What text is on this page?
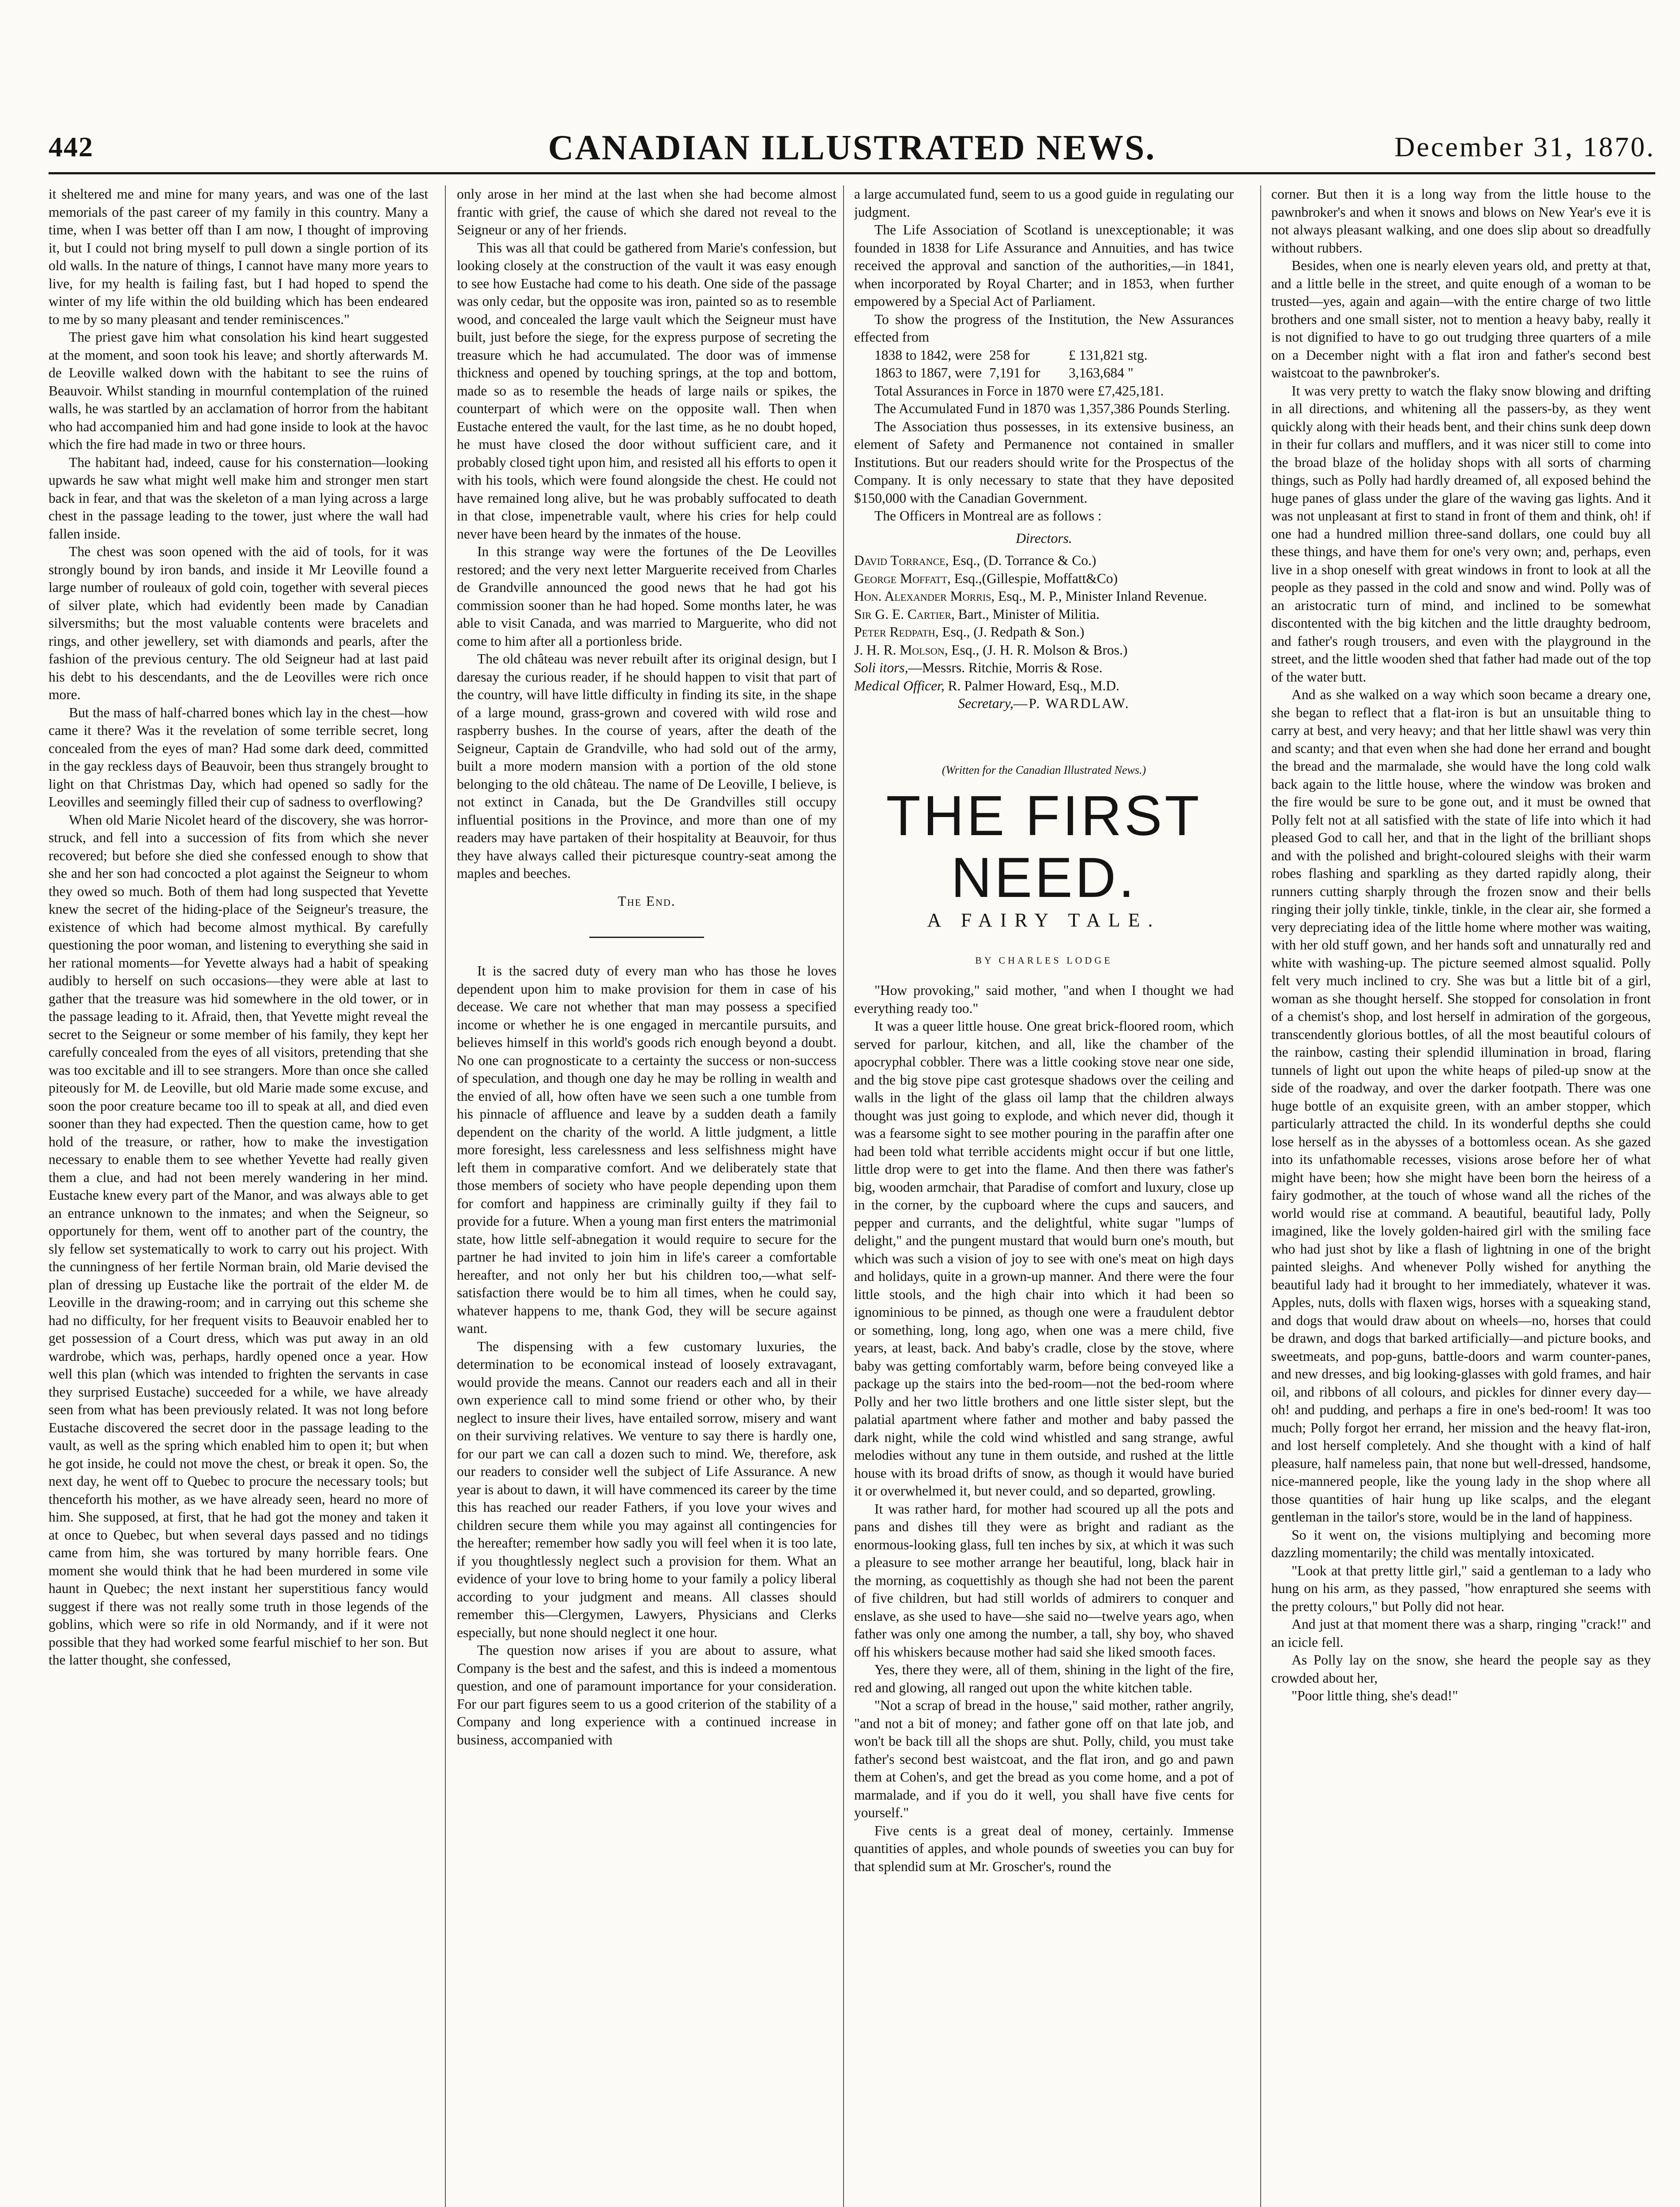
442	CANADIAN ILLUSTRATED NEWS.	December 31, 1870.

it sheltered me and mine for many years, and was one of the last memorials of the past career of my family in this country. Many a time, when I was better off than I am now, I thought of improving it, but I could not bring myself to pull down a single portion of its old walls. In the nature of things, I cannot have many more years to live, for my health is failing fast, but I had hoped to spend the winter of my life within the old building which has been endeared to me by so many pleasant and tender reminiscences."

The priest gave him what consolation his kind heart suggested at the moment, and soon took his leave; and shortly afterwards M. de Leoville walked down with the habitant to see the ruins of Beauvoir. Whilst standing in mournful contemplation of the ruined walls, he was startled by an acclamation of horror from the habitant who had accompanied him and had gone inside to look at the havoc which the fire had made in two or three hours.

The habitant had, indeed, cause for his consternation—looking upwards he saw what might well make him and stronger men start back in fear, and that was the skeleton of a man lying across a large chest in the passage leading to the tower, just where the wall had fallen inside.

The chest was soon opened with the aid of tools, for it was strongly bound by iron bands, and inside it Mr Leoville found a large number of rouleaux of gold coin, together with several pieces of silver plate, which had evidently been made by Canadian silversmiths; but the most valuable contents were bracelets and rings, and other jewellery, set with diamonds and pearls, after the fashion of the previous century. The old Seigneur had at last paid his debt to his descendants, and the de Leovilles were rich once more.

But the mass of half-charred bones which lay in the chest—how came it there? Was it the revelation of some terrible secret, long concealed from the eyes of man? Had some dark deed, committed in the gay reckless days of Beauvoir, been thus strangely brought to light on that Christmas Day, which had opened so sadly for the Leovilles and seemingly filled their cup of sadness to overflowing?

When old Marie Nicolet heard of the discovery, she was horror-struck, and fell into a succession of fits from which she never recovered; but before she died she confessed enough to show that she and her son had concocted a plot against the Seigneur to whom they owed so much. Both of them had long suspected that Yevette knew the secret of the hiding-place of the Seigneur's treasure, the existence of which had become almost mythical. By carefully questioning the poor woman, and listening to everything she said in her rational moments—for Yevette always had a habit of speaking audibly to herself on such occasions—they were able at last to gather that the treasure was hid somewhere in the old tower, or in the passage leading to it. Afraid, then, that Yevette might reveal the secret to the Seigneur or some member of his family, they kept her carefully concealed from the eyes of all visitors, pretending that she was too excitable and ill to see strangers. More than once she called piteously for M. de Leoville, but old Marie made some excuse, and soon the poor creature became too ill to speak at all, and died even sooner than they had expected. Then the question came, how to get hold of the treasure, or rather, how to make the investigation necessary to enable them to see whether Yevette had really given them a clue, and had not been merely wandering in her mind. Eustache knew every part of the Manor, and was always able to get an entrance unknown to the inmates; and when the Seigneur, so opportunely for them, went off to another part of the country, the sly fellow set systematically to work to carry out his project. With the cunningness of her fertile Norman brain, old Marie devised the plan of dressing up Eustache like the portrait of the elder M. de Leoville in the drawing-room; and in carrying out this scheme she had no difficulty, for her frequent visits to Beauvoir enabled her to get possession of a Court dress, which was put away in an old wardrobe, which was, perhaps, hardly opened once a year. How well this plan (which was intended to frighten the servants in case they surprised Eustache) succeeded for a while, we have already seen from what has been previously related. It was not long before Eustache discovered the secret door in the passage leading to the vault, as well as the spring which enabled him to open it; but when he got inside, he could not move the chest, or break it open. So, the next day, he went off to Quebec to procure the necessary tools; but thenceforth his mother, as we have already seen, heard no more of him. She supposed, at first, that he had got the money and taken it at once to Quebec, but when several days passed and no tidings came from him, she was tortured by many horrible fears. One moment she would think that he had been murdered in some vile haunt in Quebec; the next instant her superstitious fancy would suggest if there was not really some truth in those legends of the goblins, which were so rife in old Normandy, and if it were not possible that they had worked some fearful mischief to her son. But the latter thought, she confessed,

only arose in her mind at the last when she had become almost frantic with grief, the cause of which she dared not reveal to the Seigneur or any of her friends.

This was all that could be gathered from Marie's confession, but looking closely at the construction of the vault it was easy enough to see how Eustache had come to his death. One side of the passage was only cedar, but the opposite was iron, painted so as to resemble wood, and concealed the large vault which the Seigneur must have built, just before the siege, for the express purpose of secreting the treasure which he had accumulated. The door was of immense thickness and opened by touching springs, at the top and bottom, made so as to resemble the heads of large nails or spikes, the counterpart of which were on the opposite wall. Then when Eustache entered the vault, for the last time, as he no doubt hoped, he must have closed the door without sufficient care, and it probably closed tight upon him, and resisted all his efforts to open it with his tools, which were found alongside the chest. He could not have remained long alive, but he was probably suffocated to death in that close, impenetrable vault, where his cries for help could never have been heard by the inmates of the house.

In this strange way were the fortunes of the De Leovilles restored; and the very next letter Marguerite received from Charles de Grandville announced the good news that he had got his commission sooner than he had hoped. Some months later, he was able to visit Canada, and was married to Marguerite, who did not come to him after all a portionless bride.

The old château was never rebuilt after its original design, but I daresay the curious reader, if he should happen to visit that part of the country, will have little difficulty in finding its site, in the shape of a large mound, grass-grown and covered with wild rose and raspberry bushes. In the course of years, after the death of the Seigneur, Captain de Grandville, who had sold out of the army, built a more modern mansion with a portion of the old stone belonging to the old château. The name of De Leoville, I believe, is not extinct in Canada, but the De Grandvilles still occupy influential positions in the Province, and more than one of my readers may have partaken of their hospitality at Beauvoir, for thus they have always called their picturesque country-seat among the maples and beeches.

The End.

It is the sacred duty of every man who has those he loves dependent upon him to make provision for them in case of his decease. We care not whether that man may possess a specified income or whether he is one engaged in mercantile pursuits, and believes himself in this world's goods rich enough beyond a doubt. No one can prognosticate to a certainty the success or non-success of speculation, and though one day he may be rolling in wealth and the envied of all, how often have we seen such a one tumble from his pinnacle of affluence and leave by a sudden death a family dependent on the charity of the world. A little judgment, a little more foresight, less carelessness and less selfishness might have left them in comparative comfort. And we deliberately state that those members of society who have people depending upon them for comfort and happiness are criminally guilty if they fail to provide for a future. When a young man first enters the matrimonial state, how little self-abnegation it would require to secure for the partner he had invited to join him in life's career a comfortable hereafter, and not only her but his children too,—what self-satisfaction there would be to him all times, when he could say, whatever happens to me, thank God, they will be secure against want.

The dispensing with a few customary luxuries, the determination to be economical instead of loosely extravagant, would provide the means. Cannot our readers each and all in their own experience call to mind some friend or other who, by their neglect to insure their lives, have entailed sorrow, misery and want on their surviving relatives. We venture to say there is hardly one, for our part we can call a dozen such to mind. We, therefore, ask our readers to consider well the subject of Life Assurance. A new year is about to dawn, it will have commenced its career by the time this has reached our reader Fathers, if you love your wives and children secure them while you may against all contingencies for the hereafter; remember how sadly you will feel when it is too late, if you thoughtlessly neglect such a provision for them. What an evidence of your love to bring home to your family a policy liberal according to your judgment and means. All classes should remember this—Clergymen, Lawyers, Physicians and Clerks especially, but none should neglect it one hour.

The question now arises if you are about to assure, what Company is the best and the safest, and this is indeed a momentous question, and one of paramount importance for your consideration. For our part figures seem to us a good criterion of the stability of a Company and long experience with a continued increase in business, accompanied with

a large accumulated fund, seem to us a good guide in regulating our judgment.

The Life Association of Scotland is unexceptionable; it was founded in 1838 for Life Assurance and Annuities, and has twice received the approval and sanction of the authorities,—in 1841, when incorporated by Royal Charter; and in 1853, when further empowered by a Special Act of Parliament.

To show the progress of the Institution, the New Assurances effected from

1838 to 1842, were 258 for	£ 131,821 stg.
1863 to 1867, were 7,191 for	3,163,684 "

Total Assurances in Force in 1870 were £7,425,181.

The Accumulated Fund in 1870 was 1,357,386 Pounds Sterling.

The Association thus possesses, in its extensive business, an element of Safety and Permanence not contained in smaller Institutions. But our readers should write for the Prospectus of the Company. It is only necessary to state that they have deposited $150,000 with the Canadian Government.

The Officers in Montreal are as follows :

Directors.

David Torrance, Esq., (D. Torrance & Co.)

George Moffatt, Esq.,(Gillespie, Moffatt&Co)

Hon. Alexander Morris, Esq., M. P., Minister Inland Revenue.

Sir G. E. Cartier, Bart., Minister of Militia.

Peter Redpath, Esq., (J. Redpath & Son.)

J. H. R. Molson, Esq., (J. H. R. Molson & Bros.)

Soli itors,—Messrs. Ritchie, Morris & Rose.

Medical Officer, R. Palmer Howard, Esq., M.D.

Secretary,—P. WARDLAW.

(Written for the Canadian Illustrated News.)

THE FIRST NEED.

A FAIRY TALE.

BY CHARLES LODGE

"How provoking," said mother, "and when I thought we had everything ready too."

It was a queer little house. One great brick-floored room, which served for parlour, kitchen, and all, like the chamber of the apocryphal cobbler. There was a little cooking stove near one side, and the big stove pipe cast grotesque shadows over the ceiling and walls in the light of the glass oil lamp that the children always thought was just going to explode, and which never did, though it was a fearsome sight to see mother pouring in the paraffin after one had been told what terrible accidents might occur if but one little, little drop were to get into the flame. And then there was father's big, wooden armchair, that Paradise of comfort and luxury, close up in the corner, by the cupboard where the cups and saucers, and pepper and currants, and the delightful, white sugar "lumps of delight," and the pungent mustard that would burn one's mouth, but which was such a vision of joy to see with one's meat on high days and holidays, quite in a grown-up manner. And there were the four little stools, and the high chair into which it had been so ignominious to be pinned, as though one were a fraudulent debtor or something, long, long ago, when one was a mere child, five years, at least, back. And baby's cradle, close by the stove, where baby was getting comfortably warm, before being conveyed like a package up the stairs into the bed-room—not the bed-room where Polly and her two little brothers and one little sister slept, but the palatial apartment where father and mother and baby passed the dark night, while the cold wind whistled and sang strange, awful melodies without any tune in them outside, and rushed at the little house with its broad drifts of snow, as though it would have buried it or overwhelmed it, but never could, and so departed, growling.

It was rather hard, for mother had scoured up all the pots and pans and dishes till they were as bright and radiant as the enormous-looking glass, full ten inches by six, at which it was such a pleasure to see mother arrange her beautiful, long, black hair in the morning, as coquettishly as though she had not been the parent of five children, but had still worlds of admirers to conquer and enslave, as she used to have—she said no—twelve years ago, when father was only one among the number, a tall, shy boy, who shaved off his whiskers because mother had said she liked smooth faces.

Yes, there they were, all of them, shining in the light of the fire, red and glowing, all ranged out upon the white kitchen table.

"Not a scrap of bread in the house," said mother, rather angrily, "and not a bit of money; and father gone off on that late job, and won't be back till all the shops are shut. Polly, child, you must take father's second best waistcoat, and the flat iron, and go and pawn them at Cohen's, and get the bread as you come home, and a pot of marmalade, and if you do it well, you shall have five cents for yourself."

Five cents is a great deal of money, certainly. Immense quantities of apples, and whole pounds of sweeties you can buy for that splendid sum at Mr. Groscher's, round the

corner. But then it is a long way from the little house to the pawnbroker's and when it snows and blows on New Year's eve it is not always pleasant walking, and one does slip about so dreadfully without rubbers.

Besides, when one is nearly eleven years old, and pretty at that, and a little belle in the street, and quite enough of a woman to be trusted—yes, again and again—with the entire charge of two little brothers and one small sister, not to mention a heavy baby, really it is not dignified to have to go out trudging three quarters of a mile on a December night with a flat iron and father's second best waistcoat to the pawnbroker's.

It was very pretty to watch the flaky snow blowing and drifting in all directions, and whitening all the passers-by, as they went quickly along with their heads bent, and their chins sunk deep down in their fur collars and mufflers, and it was nicer still to come into the broad blaze of the holiday shops with all sorts of charming things, such as Polly had hardly dreamed of, all exposed behind the huge panes of glass under the glare of the waving gas lights. And it was not unpleasant at first to stand in front of them and think, oh! if one had a hundred million three-sand dollars, one could buy all these things, and have them for one's very own; and, perhaps, even live in a shop oneself with great windows in front to look at all the people as they passed in the cold and snow and wind. Polly was of an aristocratic turn of mind, and inclined to be somewhat discontented with the big kitchen and the little draughty bedroom, and father's rough trousers, and even with the playground in the street, and the little wooden shed that father had made out of the top of the water butt.

And as she walked on a way which soon became a dreary one, she began to reflect that a flat-iron is but an unsuitable thing to carry at best, and very heavy; and that her little shawl was very thin and scanty; and that even when she had done her errand and bought the bread and the marmalade, she would have the long cold walk back again to the little house, where the window was broken and the fire would be sure to be gone out, and it must be owned that Polly felt not at all satisfied with the state of life into which it had pleased God to call her, and that in the light of the brilliant shops and with the polished and bright-coloured sleighs with their warm robes flashing and sparkling as they darted rapidly along, their runners cutting sharply through the frozen snow and their bells ringing their jolly tinkle, tinkle, tinkle, in the clear air, she formed a very depreciating idea of the little home where mother was waiting, with her old stuff gown, and her hands soft and unnaturally red and white with washing-up. The picture seemed almost squalid. Polly felt very much inclined to cry. She was but a little bit of a girl, woman as she thought herself. She stopped for consolation in front of a chemist's shop, and lost herself in admiration of the gorgeous, transcendently glorious bottles, of all the most beautiful colours of the rainbow, casting their splendid illumination in broad, flaring tunnels of light out upon the white heaps of piled-up snow at the side of the roadway, and over the darker footpath. There was one huge bottle of an exquisite green, with an amber stopper, which particularly attracted the child. In its wonderful depths she could lose herself as in the abysses of a bottomless ocean. As she gazed into its unfathomable recesses, visions arose before her of what might have been; how she might have been born the heiress of a fairy godmother, at the touch of whose wand all the riches of the world would rise at command. A beautiful, beautiful lady, Polly imagined, like the lovely golden-haired girl with the smiling face who had just shot by like a flash of lightning in one of the bright painted sleighs. And whenever Polly wished for anything the beautiful lady had it brought to her immediately, whatever it was. Apples, nuts, dolls with flaxen wigs, horses with a squeaking stand, and dogs that would draw about on wheels—no, horses that could be drawn, and dogs that barked artificially—and picture books, and sweetmeats, and pop-guns, battle-doors and warm counter-panes, and new dresses, and big looking-glasses with gold frames, and hair oil, and ribbons of all colours, and pickles for dinner every day—oh! and pudding, and perhaps a fire in one's bed-room! It was too much; Polly forgot her errand, her mission and the heavy flat-iron, and lost herself completely. And she thought with a kind of half pleasure, half nameless pain, that none but well-dressed, handsome, nice-mannered people, like the young lady in the shop where all those quantities of hair hung up like scalps, and the elegant gentleman in the tailor's store, would be in the land of happiness.

So it went on, the visions multiplying and becoming more dazzling momentarily; the child was mentally intoxicated.

"Look at that pretty little girl," said a gentleman to a lady who hung on his arm, as they passed, "how enraptured she seems with the pretty colours," but Polly did not hear.

And just at that moment there was a sharp, ringing "crack!" and an icicle fell.

As Polly lay on the snow, she heard the people say as they crowded about her,

"Poor little thing, she's dead!"
